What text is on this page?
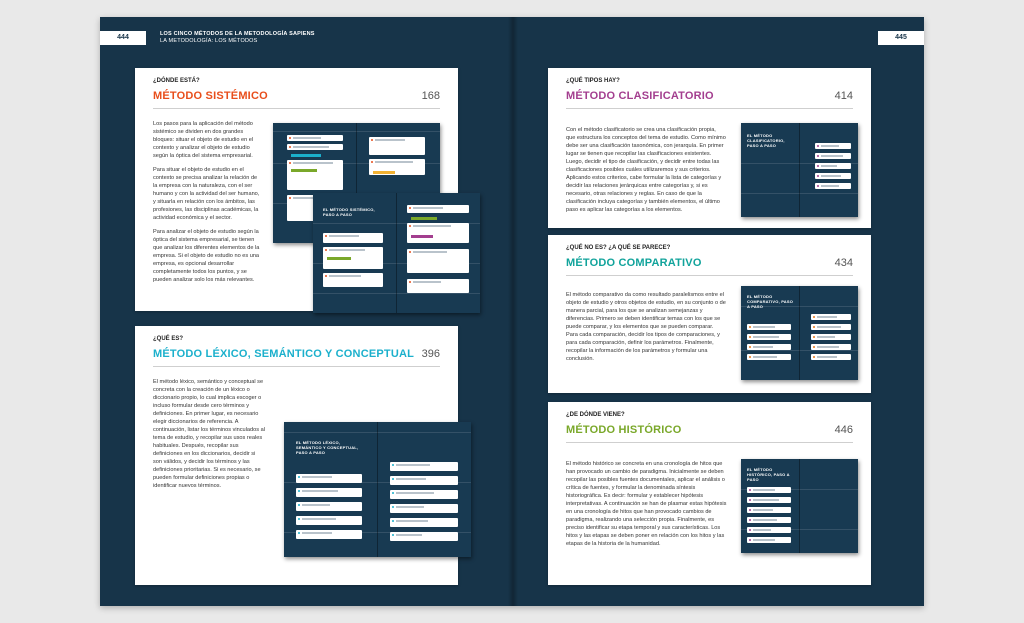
444	LOS CINCO MÉTODOS DE LA METODOLOGÍA SAPIENS
LA METODOLOGÍA: LOS MÉTODOS	445
¿DÓNDE ESTÁ?
MÉTODO SISTÉMICO	168

Los pasos para la aplicación del método sistémico se dividen en dos grandes bloques: situar el objeto de estudio en el contexto y analizar el objeto de estudio según la óptica del sistema empresarial.

Para situar el objeto de estudio en el contexto se precisa analizar la relación de la empresa con la naturaleza, con el ser humano y con la actividad del ser humano, y situarla en relación con los ámbitos, las profesiones, las disciplinas académicas, la actividad económica y el sector.

Para analizar el objeto de estudio según la óptica del sistema empresarial, se tienen que analizar los diferentes elementos de la empresa. Si el objeto de estudio no es una empresa, es opcional desarrollar completamente todos los puntos, y se pueden analizar solo los más relevantes.

EL MÉTODO SISTÉMICO, PASO A PASO
¿QUÉ ES?
MÉTODO LÉXICO, SEMÁNTICO Y CONCEPTUAL 396

El método léxico, semántico y conceptual se concreta con la creación de un léxico o diccionario propio, lo cual implica escoger o incluso formular desde cero términos y definiciones. En primer lugar, es necesario elegir diccionarios de referencia. A continuación, listar los términos vinculados al tema de estudio, y recopilar sus usos reales habituales. Después, recopilar sus definiciones en los diccionarios, decidir si son válidos, y decidir los términos y las definiciones prioritarias. Si es necesario, se pueden formular definiciones propias o identificar nuevos términos.

EL MÉTODO LÉXICO, SEMÁNTICO Y CONCEPTUAL, PASO A PASO
¿QUÉ TIPOS HAY?
MÉTODO CLASIFICATORIO	414

Con el método clasificatorio se crea una clasificación propia, que estructura los conceptos del tema de estudio. Como mínimo debe ser una clasificación taxonómica, con jerarquía. En primer lugar se tienen que recopilar las clasificaciones existentes. Luego, decidir el tipo de clasificación, y decidir entre todas las clasificaciones posibles cuáles utilizaremos y sus criterios. Aplicando estos criterios, cabe formular la lista de categorías y decidir las relaciones jerárquicas entre categorías y, si es necesario, otras relaciones y reglas. En caso de que la clasificación incluya categorías y también elementos, el último paso es aplicar las categorías a los elementos.

EL MÉTODO CLASIFICATORIO, PASO A PASO
¿QUÉ NO ES? ¿A QUÉ SE PARECE?
MÉTODO COMPARATIVO	434

El método comparativo da como resultado paralelismos entre el objeto de estudio y otros objetos de estudio, en su conjunto o de manera parcial, para los que se analizan semejanzas y diferencias. Primero se deben identificar temas con los que se puede comparar, y los elementos que se pueden comparar. Para cada comparación, decidir los tipos de comparaciones, y para cada comparación, definir los parámetros. Finalmente, recopilar la información de los parámetros y formular una conclusión.

EL MÉTODO COMPARATIVO, PASO A PASO
¿DE DÓNDE VIENE?
MÉTODO HISTÓRICO	446

El método histórico se concreta en una cronología de hitos que han provocado un cambio de paradigma. Inicialmente se deben recopilar las posibles fuentes documentales, aplicar el análisis o crítica de fuentes, y formular la denominada síntesis historiográfica. Es decir: formular y establecer hipótesis interpretativas. A continuación se han de plasmar estas hipótesis en una cronología de hitos que han provocado cambios de paradigma, realizando una selección propia. Finalmente, es preciso identificar su etapa temporal y sus características. Los hitos y las etapas se deben poner en relación con los hitos y las etapas de la historia de la humanidad.

EL MÉTODO HISTÓRICO, PASO A PASO
